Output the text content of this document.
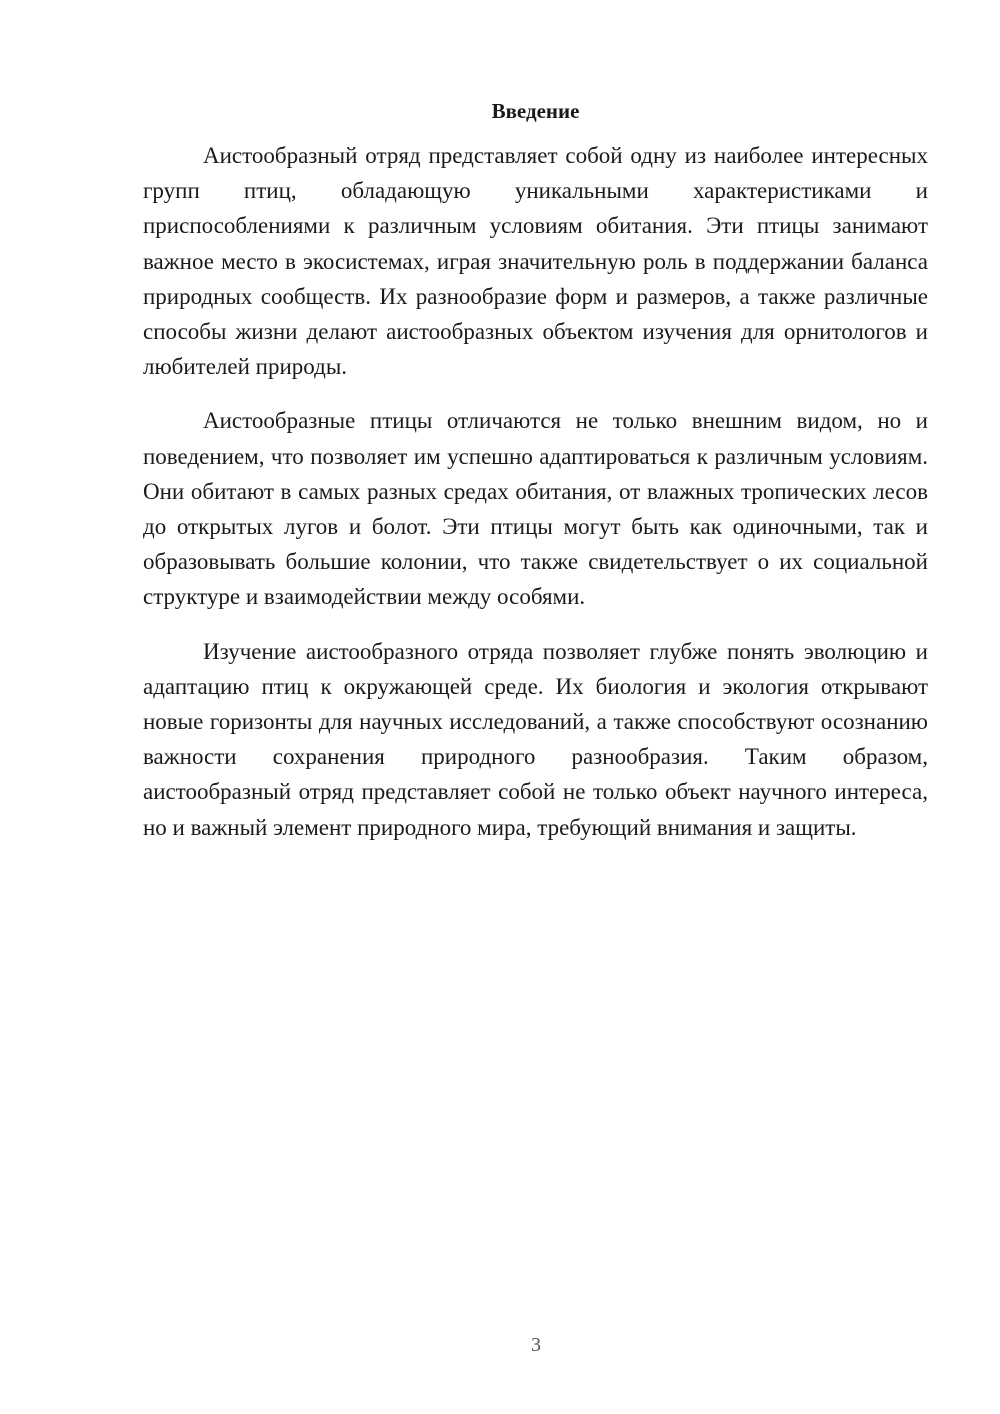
Введение

Аистообразный отряд представляет собой одну из наиболее интересных групп птиц, обладающую уникальными характеристиками и приспособлениями к различным условиям обитания. Эти птицы занимают важное место в экосистемах, играя значительную роль в поддержании баланса природных сообществ. Их разнообразие форм и размеров, а также различные способы жизни делают аистообразных объектом изучения для орнитологов и любителей природы.

Аистообразные птицы отличаются не только внешним видом, но и поведением, что позволяет им успешно адаптироваться к различным условиям. Они обитают в самых разных средах обитания, от влажных тропических лесов до открытых лугов и болот. Эти птицы могут быть как одиночными, так и образовывать большие колонии, что также свидетельствует о их социальной структуре и взаимодействии между особями.

Изучение аистообразного отряда позволяет глубже понять эволюцию и адаптацию птиц к окружающей среде. Их биология и экология открывают новые горизонты для научных исследований, а также способствуют осознанию важности сохранения природного разнообразия. Таким образом, аистообразный отряд представляет собой не только объект научного интереса, но и важный элемент природного мира, требующий внимания и защиты.

3
